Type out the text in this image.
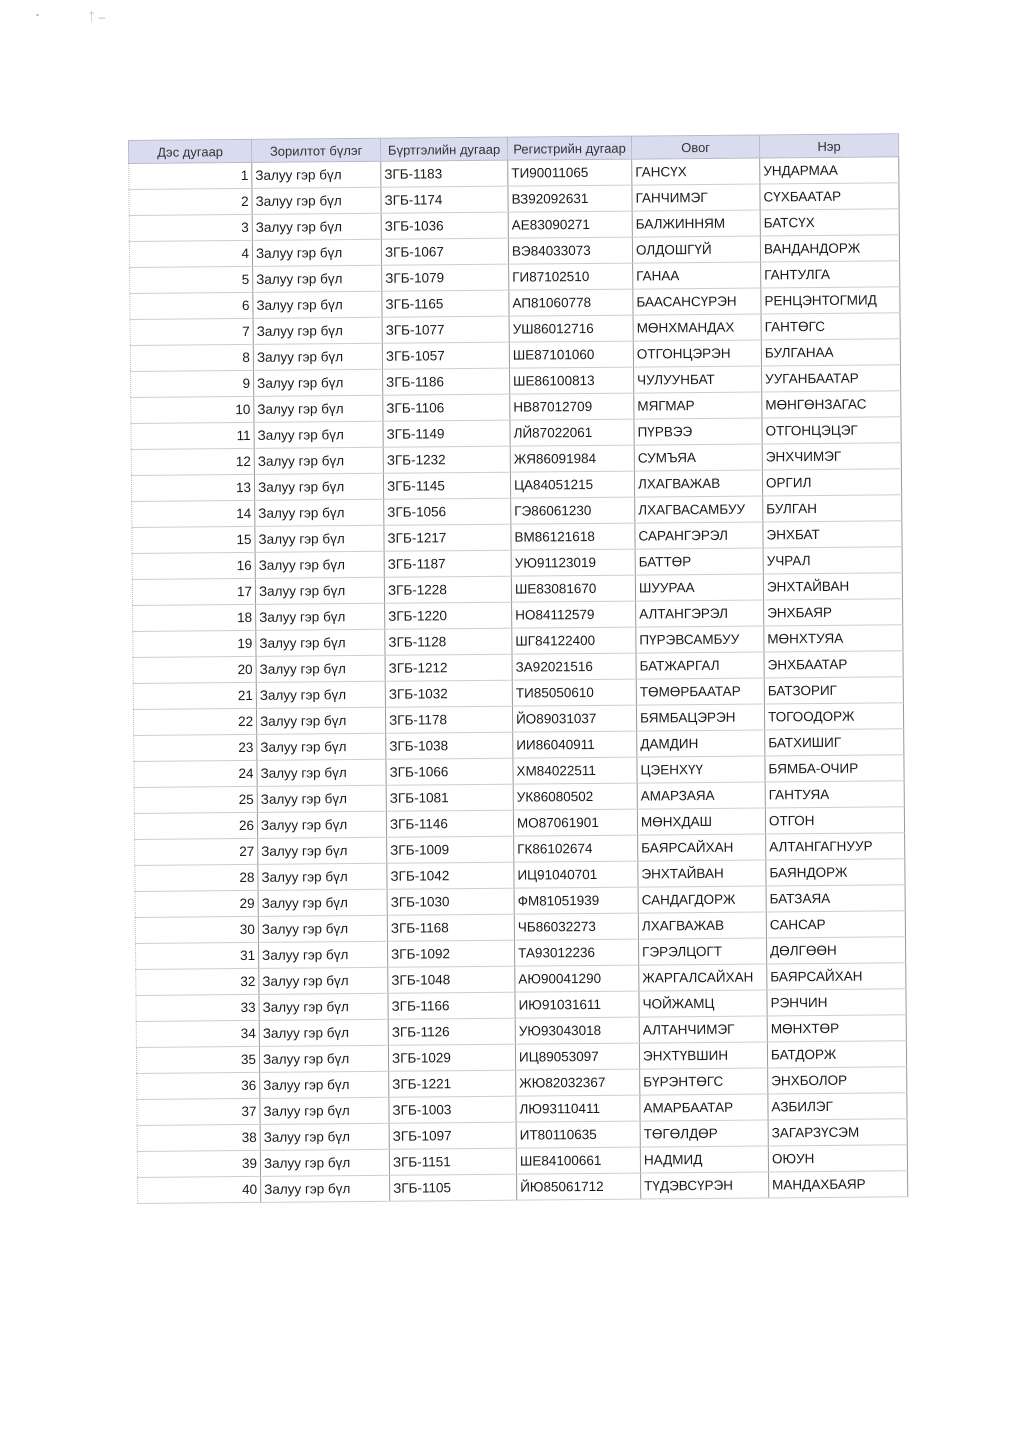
ᛏ ‒
Дэс дугаар	Зорилтот бүлэг	Бүртгэлийн дугаар	Регистрийн дугаар	Овог	Нэр
1	Залуу гэр бүл	ЗГБ-1183	ТИ90011065	ГАНСҮХ	УНДАРМАА
2	Залуу гэр бүл	ЗГБ-1174	ВЗ92092631	ГАНЧИМЭГ	СҮХБААТАР
3	Залуу гэр бүл	ЗГБ-1036	АЕ83090271	БАЛЖИННЯМ	БАТСҮХ
4	Залуу гэр бүл	ЗГБ-1067	ВЭ84033073	ОЛДОШГҮЙ	ВАНДАНДОРЖ
5	Залуу гэр бүл	ЗГБ-1079	ГИ87102510	ГАНАА	ГАНТУЛГА
6	Залуу гэр бүл	ЗГБ-1165	АП81060778	БААСАНСҮРЭН	РЕНЦЭНТОГМИД
7	Залуу гэр бүл	ЗГБ-1077	УШ86012716	МӨНХМАНДАХ	ГАНТӨГС
8	Залуу гэр бүл	ЗГБ-1057	ШЕ87101060	ОТГОНЦЭРЭН	БУЛГАНАА
9	Залуу гэр бүл	ЗГБ-1186	ШЕ86100813	ЧУЛУУНБАТ	УУГАНБААТАР
10	Залуу гэр бүл	ЗГБ-1106	НВ87012709	МЯГМАР	МӨНГӨНЗАГАС
11	Залуу гэр бүл	ЗГБ-1149	ЛЙ87022061	ПҮРВЭЭ	ОТГОНЦЭЦЭГ
12	Залуу гэр бүл	ЗГБ-1232	ЖЯ86091984	СУМЪЯА	ЭНХЧИМЭГ
13	Залуу гэр бүл	ЗГБ-1145	ЦА84051215	ЛХАГВАЖАВ	ОРГИЛ
14	Залуу гэр бүл	ЗГБ-1056	ГЭ86061230	ЛХАГВАСАМБУУ	БУЛГАН
15	Залуу гэр бүл	ЗГБ-1217	ВМ86121618	САРАНГЭРЭЛ	ЭНХБАТ
16	Залуу гэр бүл	ЗГБ-1187	УЮ91123019	БАТТӨР	УЧРАЛ
17	Залуу гэр бүл	ЗГБ-1228	ШЕ83081670	ШУУРАА	ЭНХТАЙВАН
18	Залуу гэр бүл	ЗГБ-1220	НО84112579	АЛТАНГЭРЭЛ	ЭНХБАЯР
19	Залуу гэр бүл	ЗГБ-1128	ШГ84122400	ПҮРЭВСАМБУУ	МӨНХТУЯА
20	Залуу гэр бүл	ЗГБ-1212	ЗА92021516	БАТЖАРГАЛ	ЭНХБААТАР
21	Залуу гэр бүл	ЗГБ-1032	ТИ85050610	ТӨМӨРБААТАР	БАТЗОРИГ
22	Залуу гэр бүл	ЗГБ-1178	ЙО89031037	БЯМБАЦЭРЭН	ТОГООДОРЖ
23	Залуу гэр бүл	ЗГБ-1038	ИИ86040911	ДАМДИН	БАТХИШИГ
24	Залуу гэр бүл	ЗГБ-1066	ХМ84022511	ЦЭЕНХҮҮ	БЯМБА-ОЧИР
25	Залуу гэр бүл	ЗГБ-1081	УК86080502	АМАРЗАЯА	ГАНТУЯА
26	Залуу гэр бүл	ЗГБ-1146	МО87061901	МӨНХДАШ	ОТГОН
27	Залуу гэр бүл	ЗГБ-1009	ГК86102674	БАЯРСАЙХАН	АЛТАНГАГНУУР
28	Залуу гэр бүл	ЗГБ-1042	ИЦ91040701	ЭНХТАЙВАН	БАЯНДОРЖ
29	Залуу гэр бүл	ЗГБ-1030	ФМ81051939	САНДАГДОРЖ	БАТЗАЯА
30	Залуу гэр бүл	ЗГБ-1168	ЧБ86032273	ЛХАГВАЖАВ	САНСАР
31	Залуу гэр бүл	ЗГБ-1092	ТА93012236	ГЭРЭЛЦОГТ	ДӨЛГӨӨН
32	Залуу гэр бүл	ЗГБ-1048	АЮ90041290	ЖАРГАЛСАЙХАН	БАЯРСАЙХАН
33	Залуу гэр бүл	ЗГБ-1166	ИЮ91031611	ЧОЙЖАМЦ	РЭНЧИН
34	Залуу гэр бүл	ЗГБ-1126	УЮ93043018	АЛТАНЧИМЭГ	МӨНХТӨР
35	Залуу гэр бүл	ЗГБ-1029	ИЦ89053097	ЭНХТҮВШИН	БАТДОРЖ
36	Залуу гэр бүл	ЗГБ-1221	ЖЮ82032367	БҮРЭНТӨГС	ЭНХБОЛОР
37	Залуу гэр бүл	ЗГБ-1003	ЛЮ93110411	АМАРБААТАР	АЗБИЛЭГ
38	Залуу гэр бүл	ЗГБ-1097	ИТ80110635	ТӨГӨЛДӨР	ЗАГАРЗҮСЭМ
39	Залуу гэр бүл	ЗГБ-1151	ШЕ84100661	НАДМИД	ОЮУН
40	Залуу гэр бүл	ЗГБ-1105	ЙЮ85061712	ТҮДЭВСҮРЭН	МАНДАХБАЯР
